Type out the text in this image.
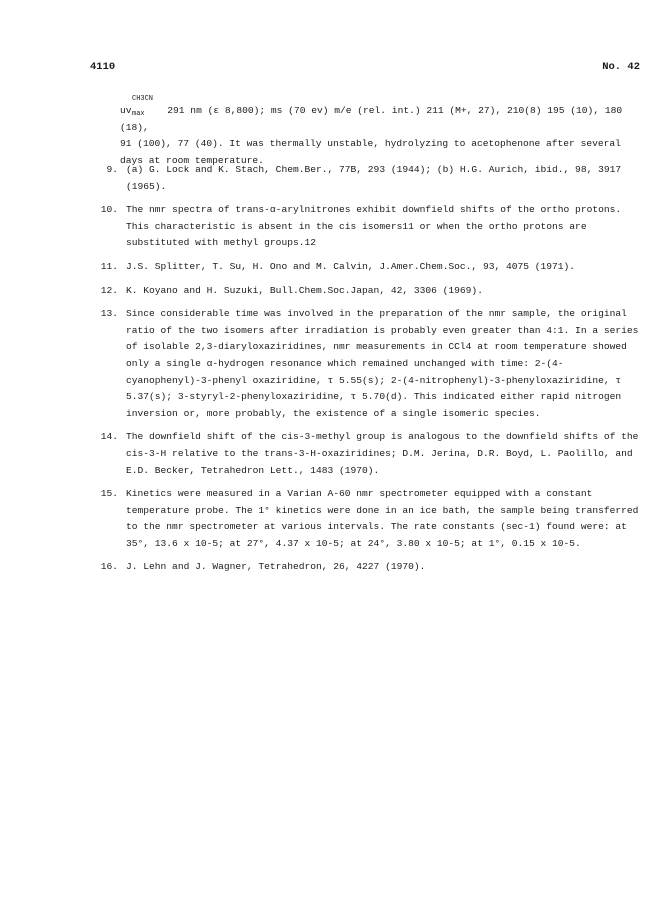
4110	No. 42
uv
CH3CN
max 291 nm (ε 8,800); ms (70 ev) m/e (rel. int.) 211 (M+, 27), 210(8) 195 (10), 180 (18),
91 (100), 77 (40). It was thermally unstable, hydrolyzing to acetophenone after several
days at room temperature.
9. (a) G. Lock and K. Stach, Chem.Ber., 77B, 293 (1944); (b) H.G. Aurich, ibid., 98, 3917 (1965).
10. The nmr spectra of trans-α-arylnitrones exhibit downfield shifts of the ortho protons. This characteristic is absent in the cis isomers11 or when the ortho protons are substituted with methyl groups.12
11. J.S. Splitter, T. Su, H. Ono and M. Calvin, J.Amer.Chem.Soc., 93, 4075 (1971).
12. K. Koyano and H. Suzuki, Bull.Chem.Soc.Japan, 42, 3306 (1969).
13. Since considerable time was involved in the preparation of the nmr sample, the original ratio of the two isomers after irradiation is probably even greater than 4:1. In a series of isolable 2,3-diaryloxaziridines, nmr measurements in CCl4 at room temperature showed only a single α-hydrogen resonance which remained unchanged with time: 2-(4-cyanophenyl)-3-phenyl oxaziridine, τ 5.55(s); 2-(4-nitrophenyl)-3-phenyloxaziridine, τ 5.37(s); 3-styryl-2-phenyloxaziridine, τ 5.70(d). This indicated either rapid nitrogen inversion or, more probably, the existence of a single isomeric species.
14. The downfield shift of the cis-3-methyl group is analogous to the downfield shifts of the cis-3-H relative to the trans-3-H-oxaziridines; D.M. Jerina, D.R. Boyd, L. Paolillo, and E.D. Becker, Tetrahedron Lett., 1483 (1970).
15. Kinetics were measured in a Varian A-60 nmr spectrometer equipped with a constant temperature probe. The 1° kinetics were done in an ice bath, the sample being transferred to the nmr spectrometer at various intervals. The rate constants (sec-1) found were: at 35°, 13.6 x 10-5; at 27°, 4.37 x 10-5; at 24°, 3.80 x 10-5; at 1°, 0.15 x 10-5.
16. J. Lehn and J. Wagner, Tetrahedron, 26, 4227 (1970).
